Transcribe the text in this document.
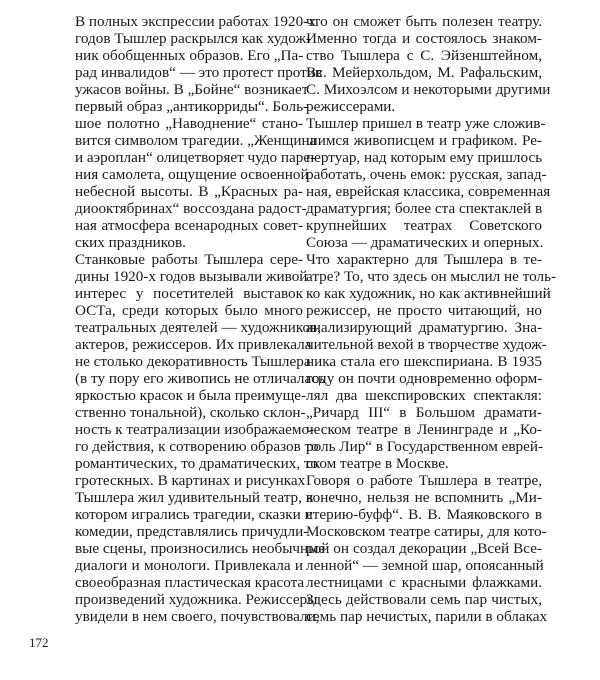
В полных экспрессии работах 1920-х
годов Тышлер раскрылся как худож-
ник обобщенных образов. Его „Па-
рад инвалидов“ — это протест против
ужасов войны. В „Бойне“ возникает
первый образ „антикорриды“. Боль-
шое полотно „Наводнение“ стано-
вится символом трагедии. „Женщина
и аэроплан“ олицетворяет чудо паре-
ния самолета, ощущение освоенной
небесной высоты. В „Красных ра-
диооктябринах“ воссоздана радост-
ная атмосфера всенародных совет-
ских праздников.
Станковые работы Тышлера сере-
дины 1920-х годов вызывали живой
интерес у посетителей выставок
ОСТа, среди которых было много
театральных деятелей — художников,
актеров, режиссеров. Их привлекала
не столько декоративность Тышлера
(в ту пору его живопись не отличалась
яркостью красок и была преимуще-
ственно тональной), сколько склон-
ность к театрализации изображаемо-
го действия, к сотворению образов то
романтических, то драматических, то
гротескных. В картинах и рисунках
Тышлера жил удивительный театр, в
котором игрались трагедии, сказки и
комедии, представлялись причудли-
вые сцены, произносились необычные
диалоги и монологи. Привлекала и
своеобразная пластическая красота
произведений художника. Режиссеры
увидели в нем своего, почувствовали,
что он сможет быть полезен театру.
Именно тогда и состоялось знаком-
ство Тышлера с С. Эйзенштейном,
Вс. Мейерхольдом, М. Рафальским,
С. Михоэлсом и некоторыми другими
режиссерами.
Тышлер пришел в театр уже сложив-
шимся живописцем и графиком. Ре-
пертуар, над которым ему пришлось
работать, очень емок: русская, запад-
ная, еврейская классика, современная
драматургия; более ста спектаклей в
крупнейших театрах Советского
Союза — драматических и оперных.
Что характерно для Тышлера в те-
атре? То, что здесь он мыслил не толь-
ко как художник, но как активнейший
режиссер, не просто читающий, но
анализирующий драматургию. Зна-
чительной вехой в творчестве худож-
ника стала его шекспириана. В 1935
году он почти одновременно оформ-
лял два шекспировских спектакля:
„Ричард III“ в Большом драмати-
ческом театре в Ленинграде и „Ко-
роль Лир“ в Государственном еврей-
ском театре в Москве.
Говоря о работе Тышлера в театре,
конечно, нельзя не вспомнить „Ми-
стерию-буфф“. В. В. Маяковского в
Московском театре сатиры, для кото-
рой он создал декорации „Всей Все-
ленной“ — земной шар, опоясанный
лестницами с красными флажками.
Здесь действовали семь пар чистых,
семь пар нечистых, парили в облаках
172
